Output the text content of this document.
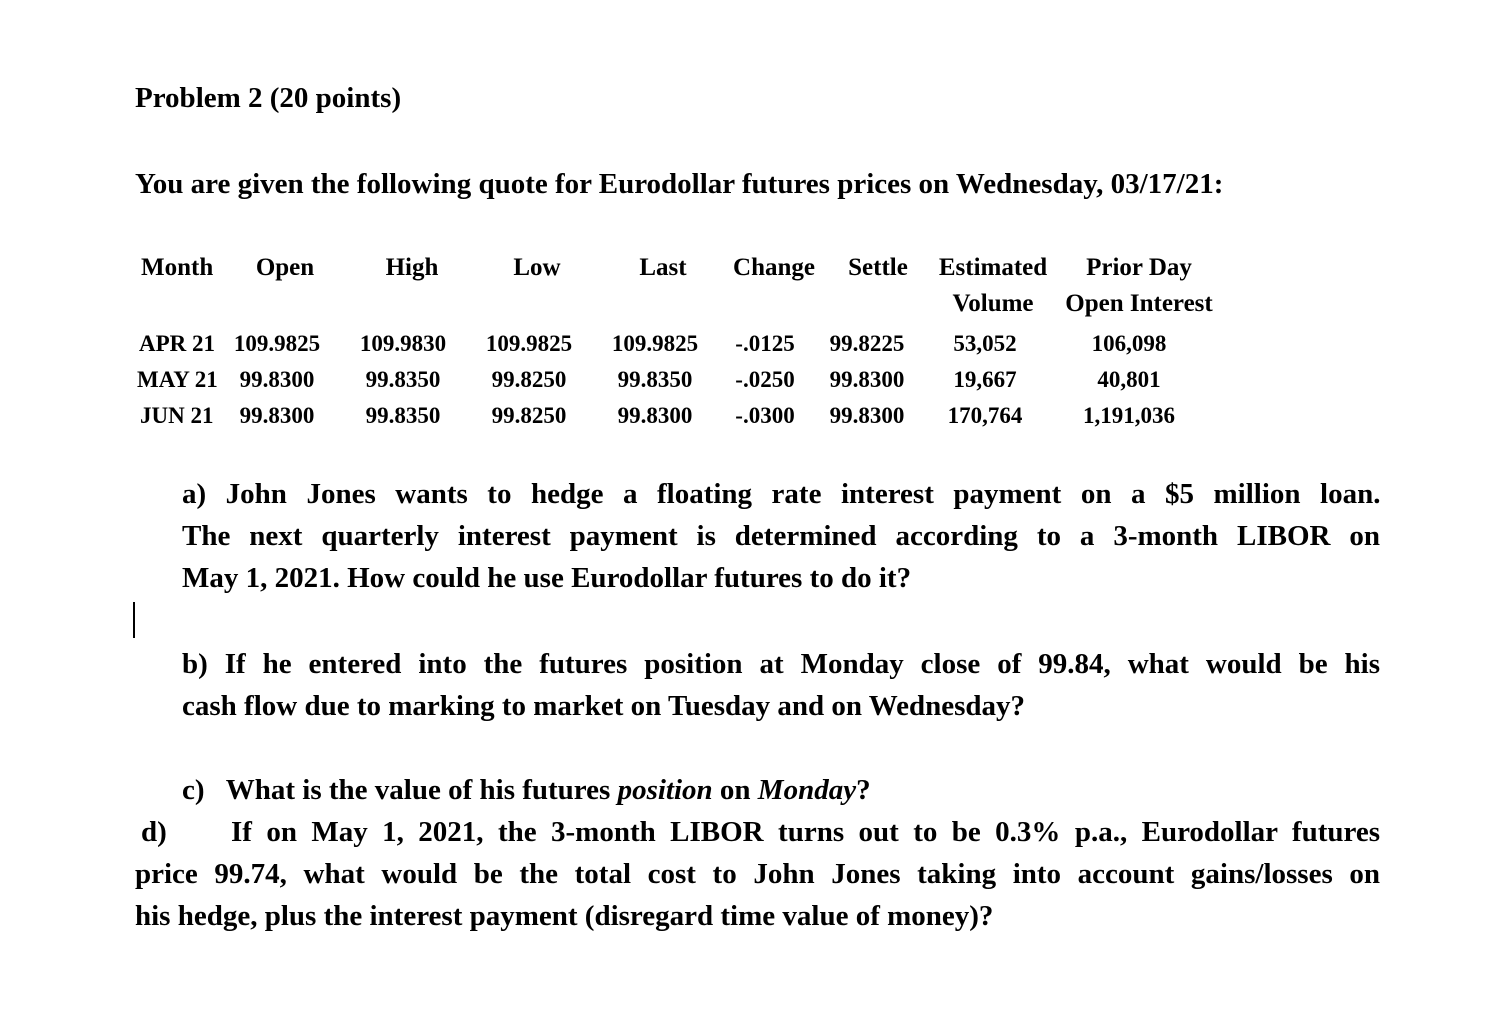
Problem 2 (20 points)
You are given the following quote for Eurodollar futures prices on Wednesday, 03/17/21:
Month Open	High	Low	Last Change Settle Estimated
Volume
Prior Day
Open Interest
APR 21 109.9825 109.9830 109.9825 109.9825 -.0125 99.8225 53,052	106,098
MAY 21 99.8300 99.8350 99.8250 99.8350 -.0250 99.8300 19,667	40,801
JUN 21 99.8300 99.8350 99.8250 99.8300 -.0300 99.8300 170,764	1,191,036
a) John Jones wants to hedge a floating rate interest payment on a $5 million loan.
The next quarterly interest payment is determined according to a 3-month LIBOR on
May 1, 2021. How could he use Eurodollar futures to do it?
b) If he entered into the futures position at Monday close of 99.84, what would be his
cash flow due to marking to market on Tuesday and on Wednesday?
c)   What is the value of his futures position on Monday?
d) If on May 1, 2021, the 3-month LIBOR turns out to be 0.3% p.a., Eurodollar futures
price 99.74, what would be the total cost to John Jones taking into account gains/losses on
his hedge, plus the interest payment (disregard time value of money)?
